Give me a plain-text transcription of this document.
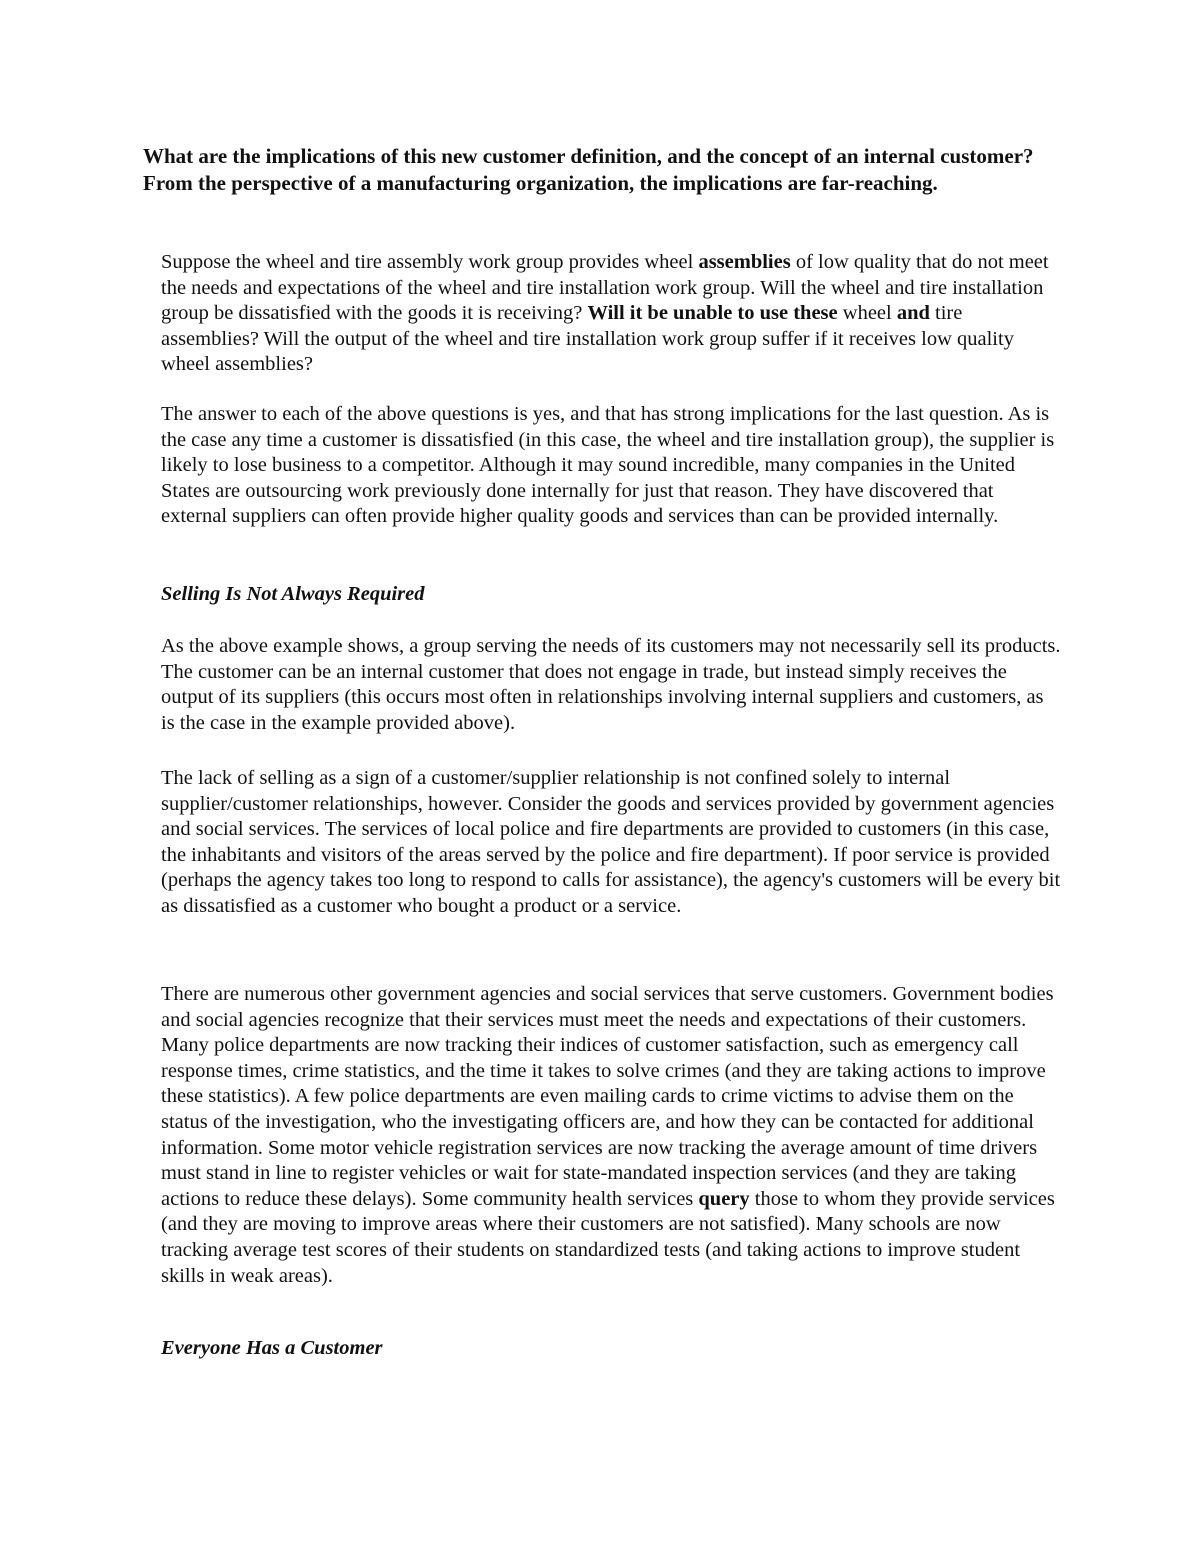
What are the implications of this new customer definition, and the concept of an internal customer? From the perspective of a manufacturing organization, the implications are far-reaching.

Suppose the wheel and tire assembly work group provides wheel assemblies of low quality that do not meet the needs and expectations of the wheel and tire installation work group. Will the wheel and tire installation group be dissatisfied with the goods it is receiving? Will it be unable to use these wheel and tire assemblies? Will the output of the wheel and tire installation work group suffer if it receives low quality wheel assemblies?

The answer to each of the above questions is yes, and that has strong implications for the last question. As is the case any time a customer is dissatisfied (in this case, the wheel and tire installation group), the supplier is likely to lose business to a competitor. Although it may sound incredible, many companies in the United States are outsourcing work previously done internally for just that reason. They have discovered that external suppliers can often provide higher quality goods and services than can be provided internally.

Selling Is Not Always Required

As the above example shows, a group serving the needs of its customers may not necessarily sell its products. The customer can be an internal customer that does not engage in trade, but instead simply receives the output of its suppliers (this occurs most often in relationships involving internal suppliers and customers, as is the case in the example provided above).

The lack of selling as a sign of a customer/supplier relationship is not confined solely to internal supplier/customer relationships, however. Consider the goods and services provided by government agencies and social services. The services of local police and fire departments are provided to customers (in this case, the inhabitants and visitors of the areas served by the police and fire department). If poor service is provided (perhaps the agency takes too long to respond to calls for assistance), the agency's customers will be every bit as dissatisfied as a customer who bought a product or a service.

There are numerous other government agencies and social services that serve customers. Government bodies and social agencies recognize that their services must meet the needs and expectations of their customers. Many police departments are now tracking their indices of customer satisfaction, such as emergency call response times, crime statistics, and the time it takes to solve crimes (and they are taking actions to improve these statistics). A few police departments are even mailing cards to crime victims to advise them on the status of the investigation, who the investigating officers are, and how they can be contacted for additional information. Some motor vehicle registration services are now tracking the average amount of time drivers must stand in line to register vehicles or wait for state-mandated inspection services (and they are taking actions to reduce these delays). Some community health services query those to whom they provide services (and they are moving to improve areas where their customers are not satisfied). Many schools are now tracking average test scores of their students on standardized tests (and taking actions to improve student skills in weak areas).

Everyone Has a Customer
